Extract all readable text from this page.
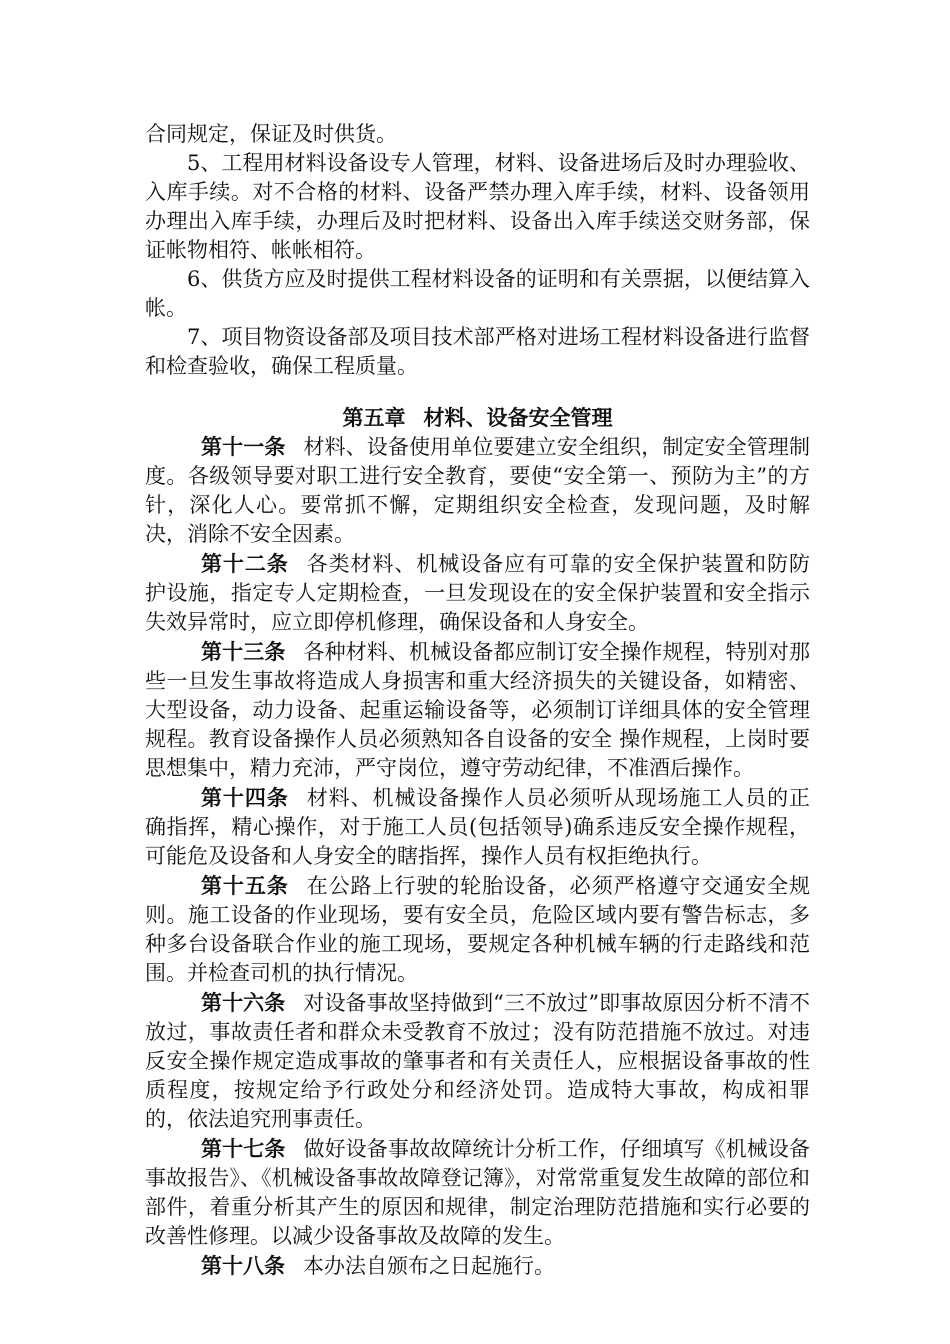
合同规定，保证及时供货。

5、工程用材料设备设专人管理，材料、设备进场后及时办理验收、入库手续。对不合格的材料、设备严禁办理入库手续，材料、设备领用办理出入库手续，办理后及时把材料、设备出入库手续送交财务部，保证帐物相符、帐帐相符。

6、供货方应及时提供工程材料设备的证明和有关票据，以便结算入帐。

7、项目物资设备部及项目技术部严格对进场工程材料设备进行监督和检查验收，确保工程质量。

第五章 材料、设备安全管理

第十一条 材料、设备使用单位要建立安全组织，制定安全管理制度。各级领导要对职工进行安全教育，要使“安全第一、预防为主”的方针，深化人心。要常抓不懈，定期组织安全检查，发现问题，及时解决，消除不安全因素。

第十二条 各类材料、机械设备应有可靠的安全保护装置和防防 护设施，指定专人定期检查，一旦发现设在的安全保护装置和安全指示失效异常时，应立即停机修理，确保设备和人身安全。

第十三条 各种材料、机械设备都应制订安全操作规程，特别对那些一旦发生事故将造成人身损害和重大经济损失的关键设备，如精密、大型设备，动力设备、起重运输设备等，必须制订详细具体的安全管理规程。教育设备操作人员必须熟知各自设备的安全 操作规程，上岗时要思想集中，精力充沛，严守岗位，遵守劳动纪律，不准酒后操作。

第十四条 材料、机械设备操作人员必须听从现场施工人员的正 确指挥，精心操作，对于施工人员(包括领导)确系违反安全操作规程，可能危及设备和人身安全的瞎指挥，操作人员有权拒绝执行。

第十五条 在公路上行驶的轮胎设备，必须严格遵守交通安全规则。施工设备的作业现场，要有安全员，危险区域内要有警告标志，多种多台设备联合作业的施工现场，要规定各种机械车辆的行走路线和范围。并检查司机的执行情况。

第十六条 对设备事故坚持做到“三不放过”即事故原因分析不清不放过，事故责任者和群众未受教育不放过；没有防范措施不放过。对违反安全操作规定造成事故的肇事者和有关责任人，应根据设备事故的性质程度，按规定给予行政处分和经济处罚。造成特大事故，构成衵罪的，依法追究刑事责任。

第十七条 做好设备事故故障统计分析工作，仔细填写《机械设备事故报告》、《机械设备事故故障登记簿》，对常常重复发生故障的部位和部件，着重分析其产生的原因和规律，制定治理防范措施和实行必要的改善性修理。以减少设备事故及故障的发生。

第十八条 本办法自颁布之日起施行。
